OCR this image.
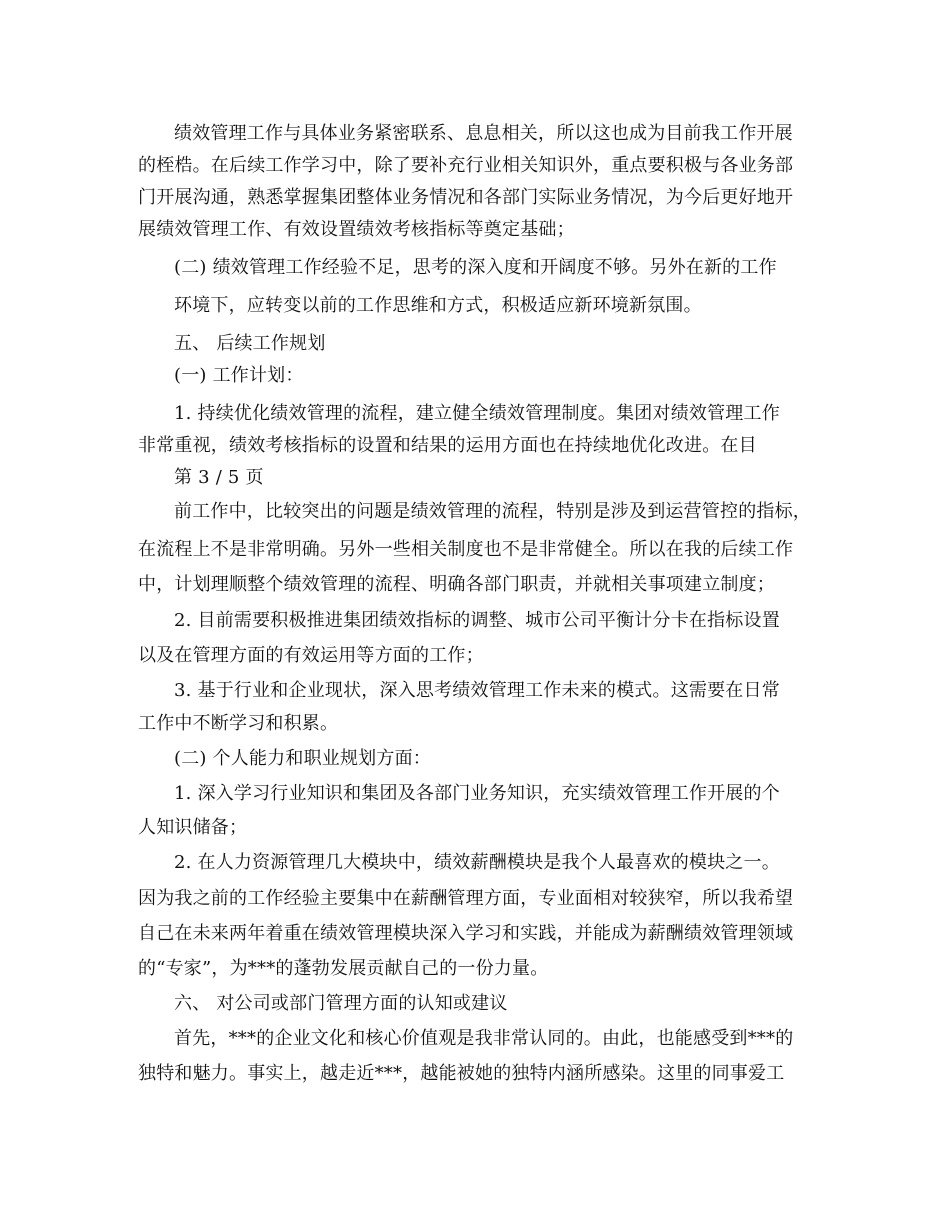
绩效管理工作与具体业务紧密联系、息息相关，所以这也成为目前我工作开展
的桎梏。在后续工作学习中，除了要补充行业相关知识外，重点要积极与各业务部
门开展沟通，熟悉掌握集团整体业务情况和各部门实际业务情况，为今后更好地开
展绩效管理工作、有效设置绩效考核指标等奠定基础；
(二) 绩效管理工作经验不足，思考的深入度和开阔度不够。另外在新的工作
环境下，应转变以前的工作思维和方式，积极适应新环境新氛围。
五、 后续工作规划
(一) 工作计划：
1. 持续优化绩效管理的流程，建立健全绩效管理制度。集团对绩效管理工作
非常重视，绩效考核指标的设置和结果的运用方面也在持续地优化改进。在目
第 3 / 5 页
前工作中，比较突出的问题是绩效管理的流程，特别是涉及到运营管控的指标，
在流程上不是非常明确。另外一些相关制度也不是非常健全。所以在我的后续工作
中，计划理顺整个绩效管理的流程、明确各部门职责，并就相关事项建立制度；
2. 目前需要积极推进集团绩效指标的调整、城市公司平衡计分卡在指标设置
以及在管理方面的有效运用等方面的工作；
3. 基于行业和企业现状，深入思考绩效管理工作未来的模式。这需要在日常
工作中不断学习和积累。
(二) 个人能力和职业规划方面：
1. 深入学习行业知识和集团及各部门业务知识，充实绩效管理工作开展的个
人知识储备；
2. 在人力资源管理几大模块中，绩效薪酬模块是我个人最喜欢的模块之一。
因为我之前的工作经验主要集中在薪酬管理方面，专业面相对较狭窄，所以我希望
自己在未来两年着重在绩效管理模块深入学习和实践，并能成为薪酬绩效管理领域
的“专家”，为***的蓬勃发展贡献自己的一份力量。
六、 对公司或部门管理方面的认知或建议
首先，***的企业文化和核心价值观是我非常认同的。由此，也能感受到***的
独特和魅力。事实上，越走近***，越能被她的独特内涵所感染。这里的同事爱工
